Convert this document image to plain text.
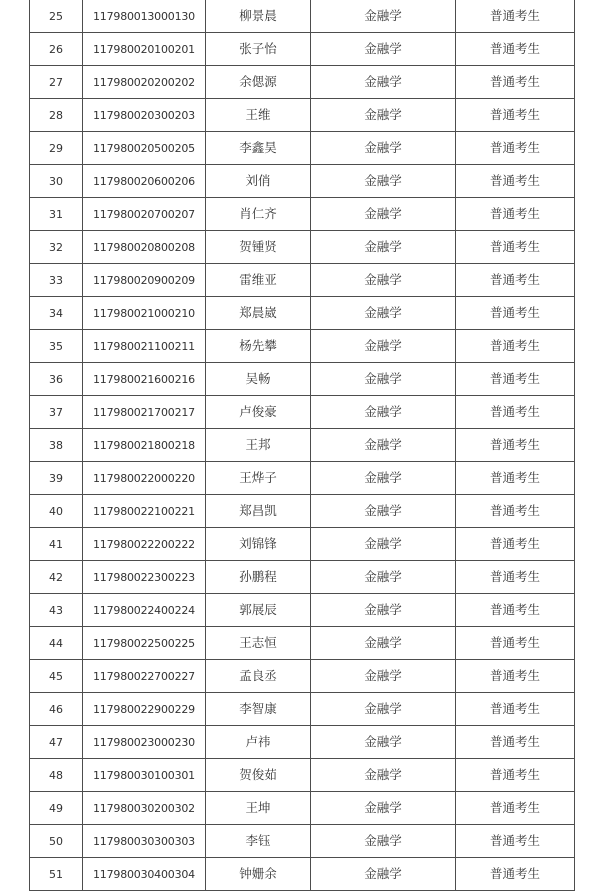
25	117980013000130	柳景晨	金融学	普通考生
26	117980020100201	张子怡	金融学	普通考生
27	117980020200202	余偲源	金融学	普通考生
28	117980020300203	王维	金融学	普通考生
29	117980020500205	李鑫昊	金融学	普通考生
30	117980020600206	刘俏	金融学	普通考生
31	117980020700207	肖仁齐	金融学	普通考生
32	117980020800208	贺锺贤	金融学	普通考生
33	117980020900209	雷维亚	金融学	普通考生
34	117980021000210	郑晨崴	金融学	普通考生
35	117980021100211	杨先攀	金融学	普通考生
36	117980021600216	吴畅	金融学	普通考生
37	117980021700217	卢俊豪	金融学	普通考生
38	117980021800218	王邦	金融学	普通考生
39	117980022000220	王烨子	金融学	普通考生
40	117980022100221	郑昌凯	金融学	普通考生
41	117980022200222	刘锦锋	金融学	普通考生
42	117980022300223	孙鹏程	金融学	普通考生
43	117980022400224	郭展辰	金融学	普通考生
44	117980022500225	王志恒	金融学	普通考生
45	117980022700227	孟良丞	金融学	普通考生
46	117980022900229	李智康	金融学	普通考生
47	117980023000230	卢祎	金融学	普通考生
48	117980030100301	贺俊茹	金融学	普通考生
49	117980030200302	王坤	金融学	普通考生
50	117980030300303	李钰	金融学	普通考生
51	117980030400304	钟姗余	金融学	普通考生
